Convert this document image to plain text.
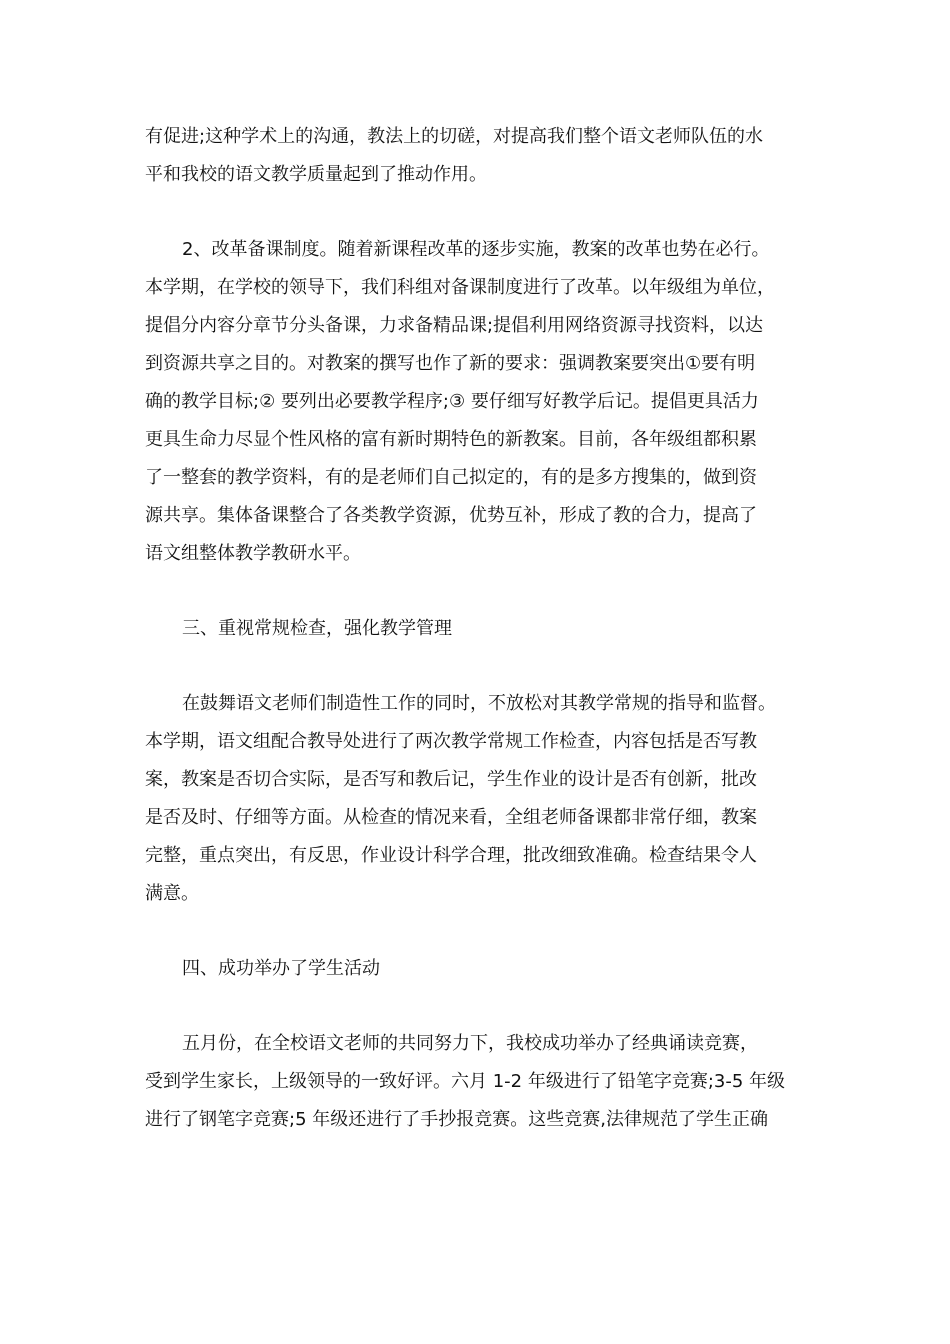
有促进;这种学术上的沟通，教法上的切磋，对提高我们整个语文老师队伍的水
平和我校的语文教学质量起到了推动作用。
2、改革备课制度。随着新课程改革的逐步实施，教案的改革也势在必行。
本学期，在学校的领导下，我们科组对备课制度进行了改革。以年级组为单位，
提倡分内容分章节分头备课，力求备精品课;提倡利用网络资源寻找资料，以达
到资源共享之目的。对教案的撰写也作了新的要求：强调教案要突出①要有明
确的教学目标;② 要列出必要教学程序;③ 要仔细写好教学后记。提倡更具活力
更具生命力尽显个性风格的富有新时期特色的新教案。目前，各年级组都积累
了一整套的教学资料，有的是老师们自己拟定的，有的是多方搜集的，做到资
源共享。集体备课整合了各类教学资源，优势互补，形成了教的合力，提高了
语文组整体教学教研水平。
三、重视常规检查，强化教学管理
在鼓舞语文老师们制造性工作的同时，不放松对其教学常规的指导和监督。
本学期，语文组配合教导处进行了两次教学常规工作检查，内容包括是否写教
案，教案是否切合实际，是否写和教后记，学生作业的设计是否有创新，批改
是否及时、仔细等方面。从检查的情况来看，全组老师备课都非常仔细，教案
完整，重点突出，有反思，作业设计科学合理，批改细致准确。检查结果令人
满意。
四、成功举办了学生活动
五月份，在全校语文老师的共同努力下，我校成功举办了经典诵读竞赛，
受到学生家长，上级领导的一致好评。六月 1-2 年级进行了铅笔字竞赛;3-5 年级
进行了钢笔字竞赛;5 年级还进行了手抄报竞赛。这些竞赛,法律规范了学生正确
